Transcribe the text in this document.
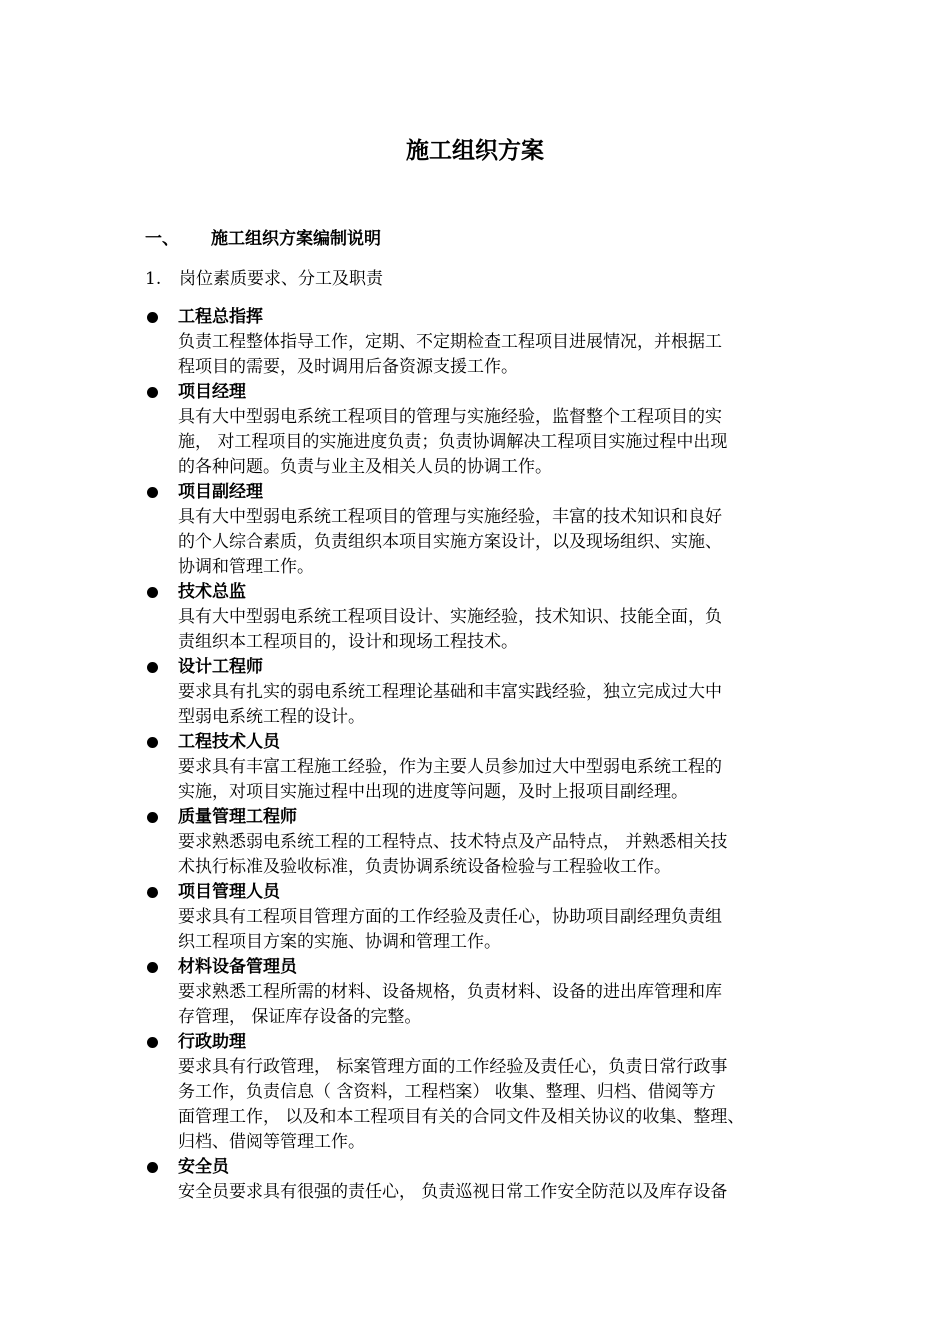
施工组织方案
一、 施工组织方案编制说明
1. 岗位素质要求、分工及职责
工程总指挥
负责工程整体指导工作，定期、不定期检查工程项目进展情况，并根据工
程项目的需要，及时调用后备资源支援工作。
项目经理
具有大中型弱电系统工程项目的管理与实施经验，监督整个工程项目的实
施， 对工程项目的实施进度负责；负责协调解决工程项目实施过程中出现
的各种问题。负责与业主及相关人员的协调工作。
项目副经理
具有大中型弱电系统工程项目的管理与实施经验，丰富的技术知识和良好
的个人综合素质，负责组织本项目实施方案设计，以及现场组织、实施、
协调和管理工作。
技术总监
具有大中型弱电系统工程项目设计、实施经验，技术知识、技能全面，负
责组织本工程项目的，设计和现场工程技术。
设计工程师
要求具有扎实的弱电系统工程理论基础和丰富实践经验，独立完成过大中
型弱电系统工程的设计。
工程技术人员
要求具有丰富工程施工经验，作为主要人员参加过大中型弱电系统工程的
实施，对项目实施过程中出现的进度等问题，及时上报项目副经理。
质量管理工程师
要求熟悉弱电系统工程的工程特点、技术特点及产品特点， 并熟悉相关技
术执行标准及验收标准，负责协调系统设备检验与工程验收工作。
项目管理人员
要求具有工程项目管理方面的工作经验及责任心，协助项目副经理负责组
织工程项目方案的实施、协调和管理工作。
材料设备管理员
要求熟悉工程所需的材料、设备规格，负责材料、设备的进出库管理和库
存管理， 保证库存设备的完整。
行政助理
要求具有行政管理， 标案管理方面的工作经验及责任心，负责日常行政事
务工作，负责信息（ 含资料，工程档案） 收集、整理、归档、借阅等方
面管理工作， 以及和本工程项目有关的合同文件及相关协议的收集、整理、
归档、借阅等管理工作。
安全员
安全员要求具有很强的责任心， 负责巡视日常工作安全防范以及库存设备
